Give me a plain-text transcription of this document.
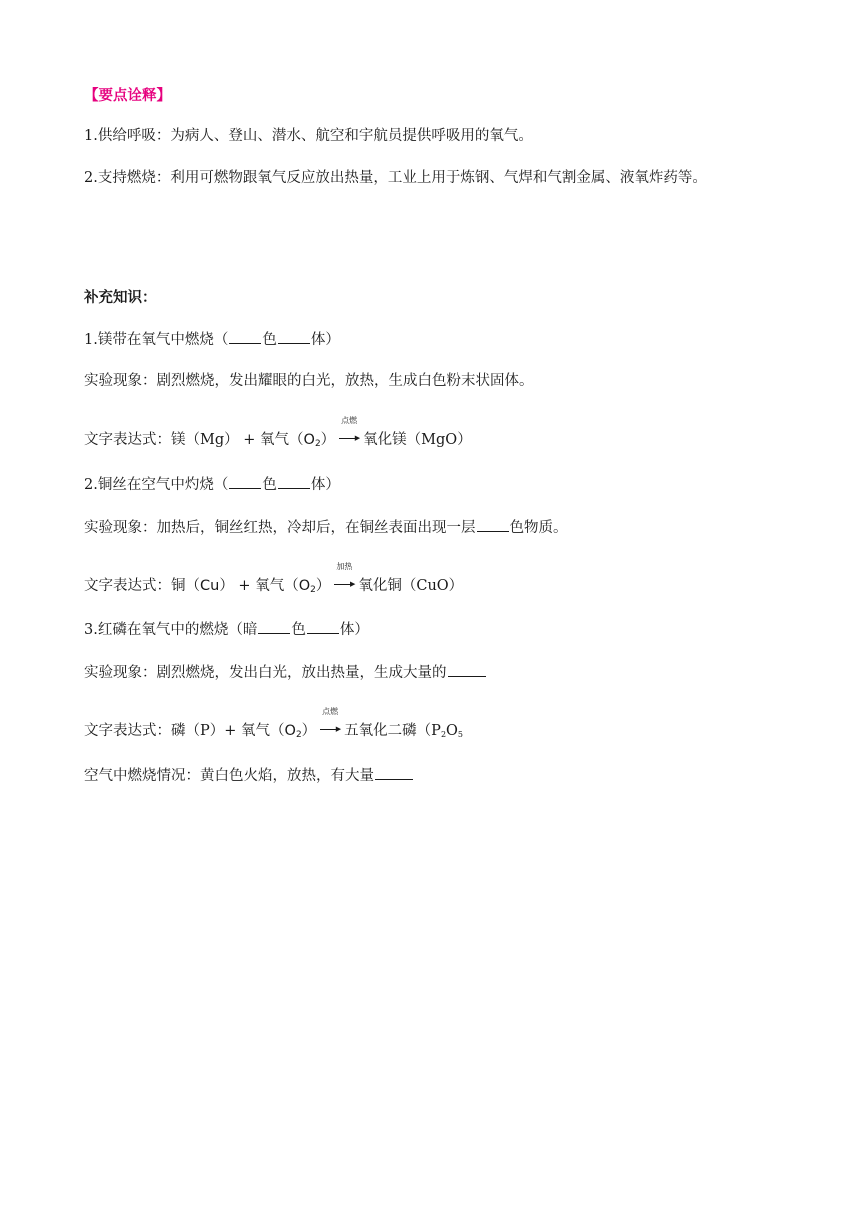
【要点诠释】
1.供给呼吸：为病人、登山、潜水、航空和宇航员提供呼吸用的氧气。
2.支持燃烧：利用可燃物跟氧气反应放出热量，工业上用于炼钢、气焊和气割金属、液氧炸药等。
补充知识：
1.镁带在氧气中燃烧（ 色 体）
实验现象：剧烈燃烧，发出耀眼的白光，放热，生成白色粉末状固体。
文字表达式：镁（Mg） + 氧气$(O_2)$
点燃
▶ 氧化镁（MgO）
2.铜丝在空气中灼烧（ 色 体）
实验现象：加热后，铜丝红热，冷却后，在铜丝表面出现一层 色物质。
文字表达式：铜（Cu） + 氧气$(O_2)$
加热
▶ 氧化铜（CuO）
3.红磷在氧气中的燃烧（暗 色 体）
实验现象：剧烈燃烧，发出白光，放出热量，生成大量的
文字表达式：磷（P）+ 氧气$(O_2)$
点燃
▶ 五氧化二磷（$P_2O_5$
空气中燃烧情况：黄白色火焰，放热，有大量
